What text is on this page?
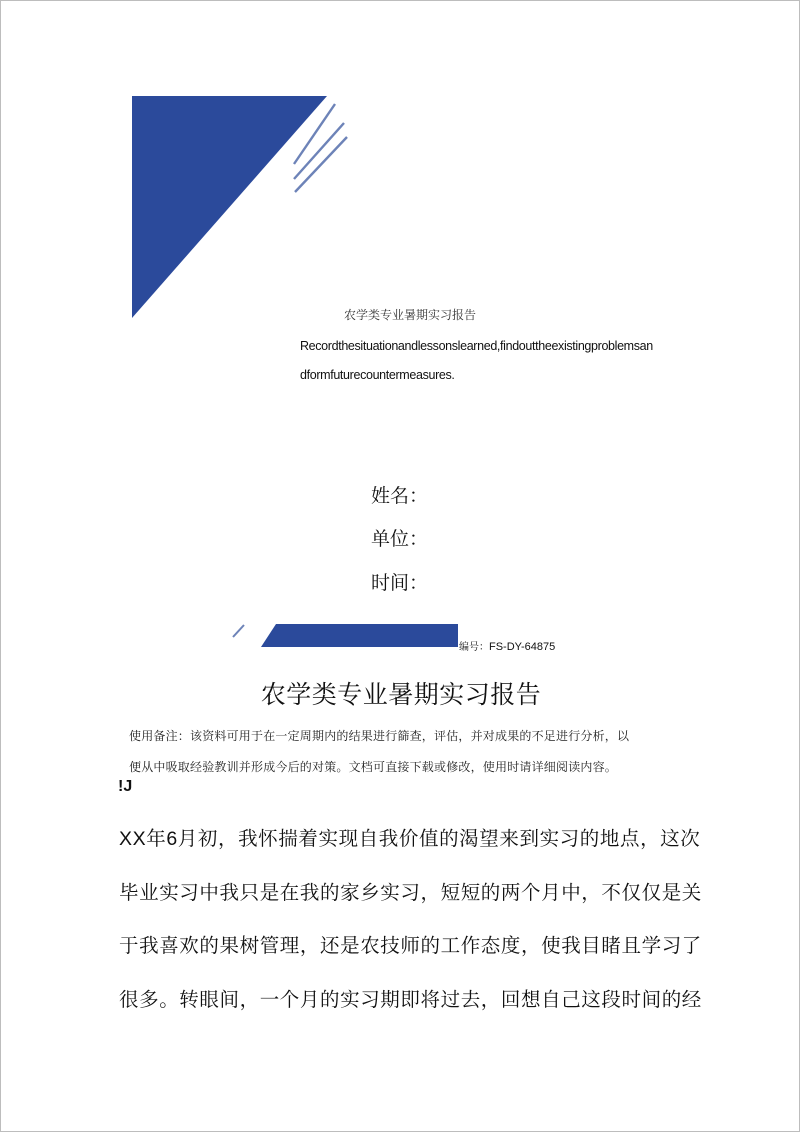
农学类专业暑期实习报告
Recordthesituationandlessonslearned,findouttheexistingproblemsan
dformfuturecountermeasures.
姓名：
单位：
时间：
编号：FS-DY-64875
农学类专业暑期实习报告
使用备注：该资料可用于在一定周期内的结果进行篩查，评估，并对成果的不足进行分析，以
便从中吸取经验教训并形成今后的对策。文档可直接下载或修改，使用时请详细阅读内容。
!J
XX年6月初，我怀揣着实现自我价值的渴望来到实习的地点，这次
毕业实习中我只是在我的家乡实习，短短的两个月中，不仅仅是关
于我喜欢的果树管理，还是农技师的工作态度，使我目睹且学习了
很多。转眼间，一个月的实习期即将过去，回想自己这段时间的经
